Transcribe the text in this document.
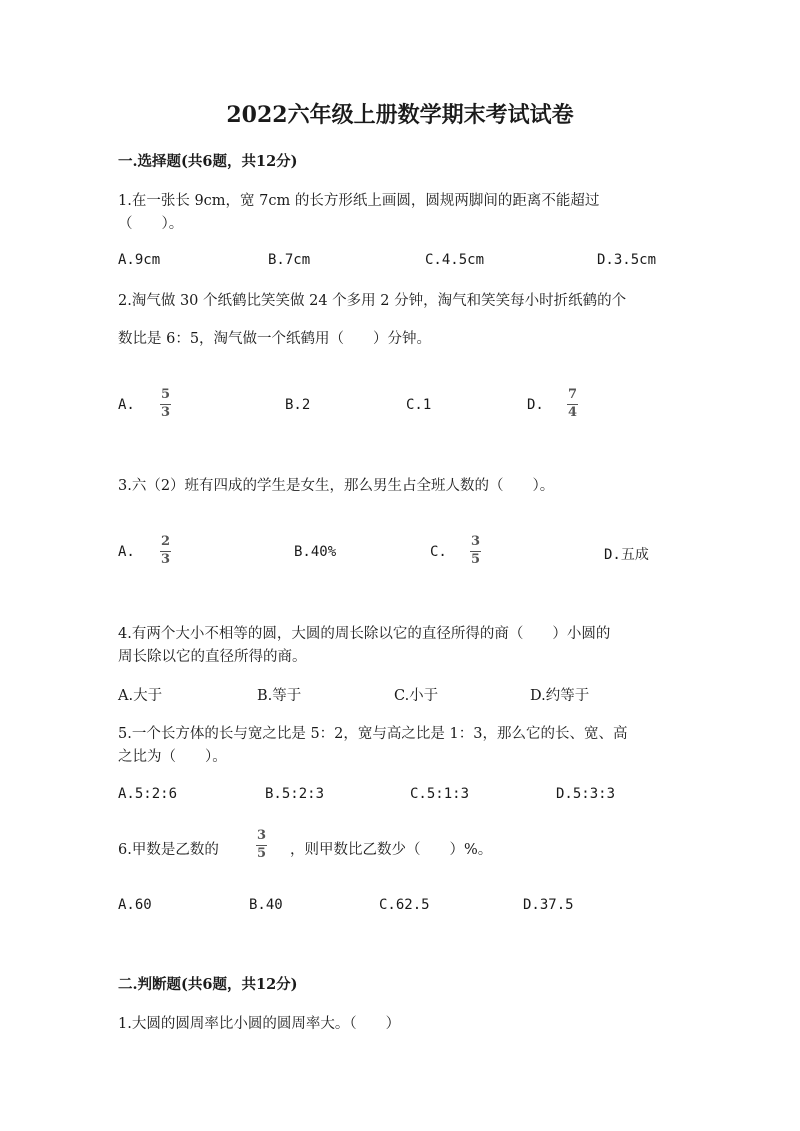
2022六年级上册数学期末考试试卷
一.选择题(共6题，共12分)
1.在一张长 9cm，宽 7cm 的长方形纸上画圆，圆规两脚间的距离不能超过
（　　）。
A.9cm	B.7cm	C.4.5cm	D.3.5cm
2.淘气做 30 个纸鹤比笑笑做 24 个多用 2 分钟，淘气和笑笑每小时折纸鹤的个
数比是 6：5，淘气做一个纸鹤用（　　）分钟。
A.
5
3	B.2	C.1	D.
7
4
3.六（2）班有四成的学生是女生，那么男生占全班人数的（　　）。
A.
2
3	B.40%	C.
3
5	D.五成
4.有两个大小不相等的圆，大圆的周长除以它的直径所得的商（　　）小圆的
周长除以它的直径所得的商。
A.大于	B.等于	C.小于	D.约等于
5.一个长方体的长与宽之比是 5：2，宽与高之比是 1：3，那么它的长、宽、高
之比为（　　）。
A.5:2:6	B.5:2:3	C.5:1:3	D.5:3:3
6.甲数是乙数的
3
5 ，则甲数比乙数少（　　）%。
A.60	B.40	C.62.5	D.37.5
二.判断题(共6题，共12分)
1.大圆的圆周率比小圆的圆周率大。（　　）
